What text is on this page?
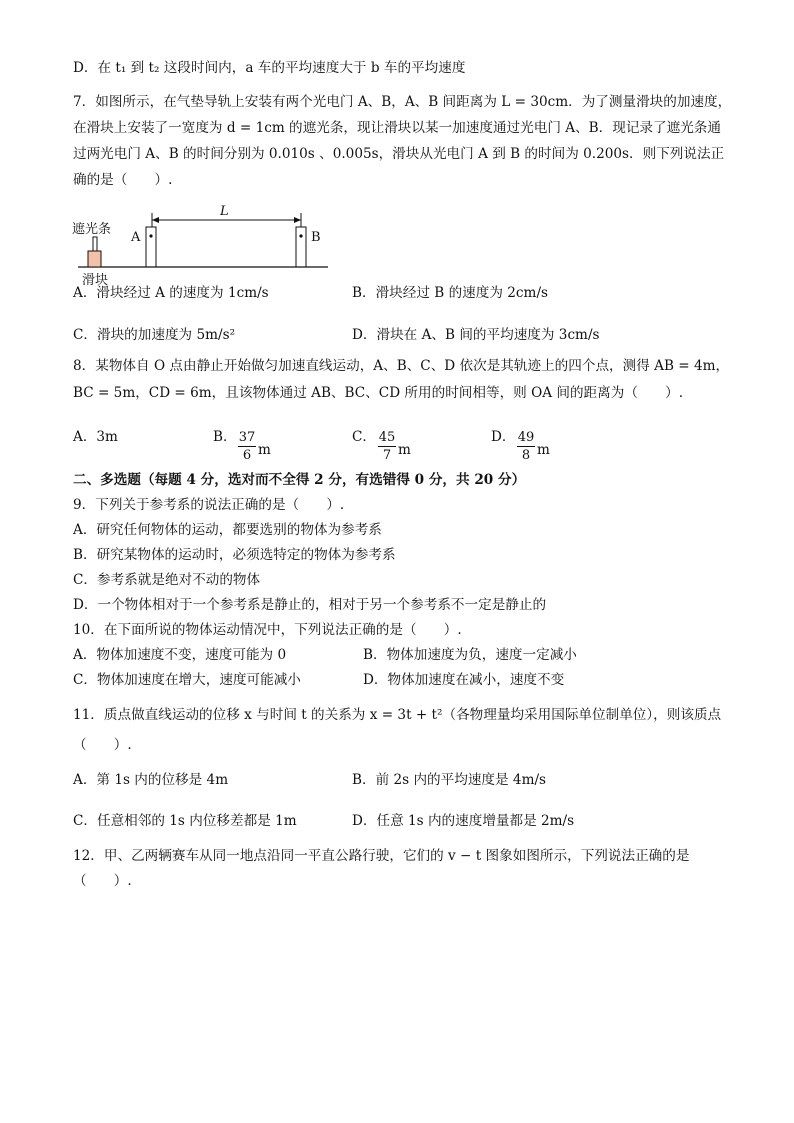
D．在 t₁ 到 t₂ 这段时间内，a 车的平均速度大于 b 车的平均速度
7．如图所示，在气垫导轨上安装有两个光电门 A、B，A、B 间距离为 L = 30cm．为了测量滑块的加速度，
在滑块上安装了一宽度为 d = 1cm 的遮光条，现让滑块以某一加速度通过光电门 A、B．现记录了遮光条通
过两光电门 A、B 的时间分别为 0.010s 、0.005s，滑块从光电门 A 到 B 的时间为 0.200s．则下列说法正
确的是（　　）.
8．某物体自 O 点由静止开始做匀加速直线运动，A、B、C、D 依次是其轨迹上的四个点，测得 AB = 4m，
BC = 5m，CD = 6m，且该物体通过 AB、BC、CD 所用的时间相等，则 OA 间的距离为（　　）.
二、多选题（每题 4 分，选对而不全得 2 分，有选错得 0 分，共 20 分）
9．下列关于参考系的说法正确的是（　　）.
A．研究任何物体的运动，都要选别的物体为参考系
B．研究某物体的运动时，必须选特定的物体为参考系
C．参考系就是绝对不动的物体
D．一个物体相对于一个参考系是静止的，相对于另一个参考系不一定是静止的
10．在下面所说的物体运动情况中，下列说法正确的是（　　）.
11．质点做直线运动的位移 x 与时间 t 的关系为 x = 3t + t²（各物理量均采用国际单位制单位），则该质点
（　　）.
12．甲、乙两辆赛车从同一地点沿同一平直公路行驶，它们的 v − t 图象如图所示，下列说法正确的是
（　　）.
A．滑块经过 A 的速度为 1cm/s	B．滑块经过 B 的速度为 2cm/s
C．滑块的加速度为 5m/s²	D．滑块在 A、B 间的平均速度为 3cm/s
A．3m	B．	C．	D．
A．物体加速度不变，速度可能为 0	B．物体加速度为负，速度一定减小
C．物体加速度在增大，速度可能减小	D．物体加速度在减小，速度不变
A．第 1s 内的位移是 4m	B．前 2s 内的平均速度是 4m/s
C．任意相邻的 1s 内位移差都是 1m	D．任意 1s 内的速度增量都是 2m/s
37
6 m
45
7 m
49
8 m
L
A	B
遮光条
滑块
